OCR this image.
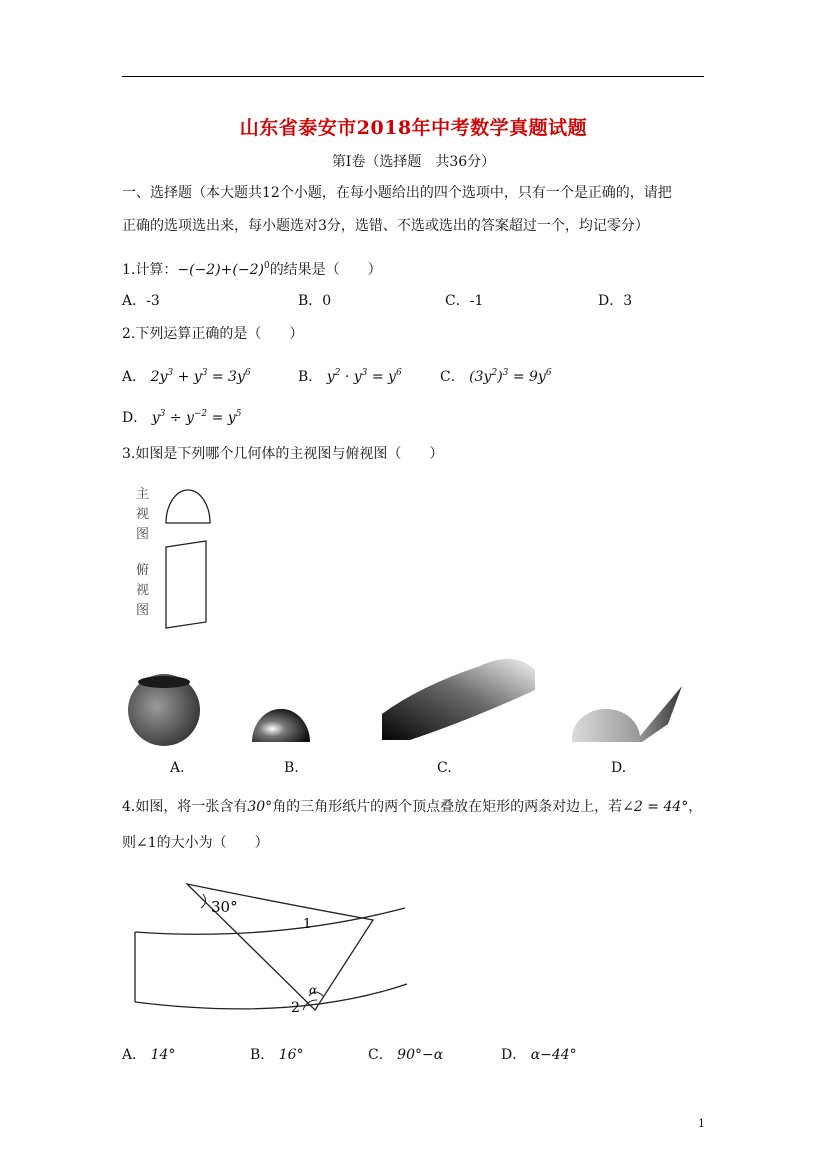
山东省泰安市2018年中考数学真题试题
第Ⅰ卷（选择题　共36分）
一、选择题（本大题共12个小题，在每小题给出的四个选项中，只有一个是正确的，请把
正确的选项选出来，每小题选对3分，选错、不选或选出的答案超过一个，均记零分）
1.计算：$-(-2)+(-2)^0$的结果是（　　）
A．-3	B．0	C．-1	D．3
2.下列运算正确的是（　　）
A． $2y^3 + y^3 = 3y^6$	B． $y^2 \cdot y^3 = y^6$	C． $(3y^2)^3 = 9y^6$
D． $y^3 \div y^{-2} = y^5$
3.如图是下列哪个几何体的主视图与俯视图（　　）
主
视
图
俯
视
图
A.	B.	C.	D.
4.如图，将一张含有30°角的三角形纸片的两个顶点叠放在矩形的两条对边上，若∠2 = 44°，
则∠1的大小为（　　）
30°
1
2
α
A． 14°	B． 16°	C． 90°−α	D． α−44°
1
